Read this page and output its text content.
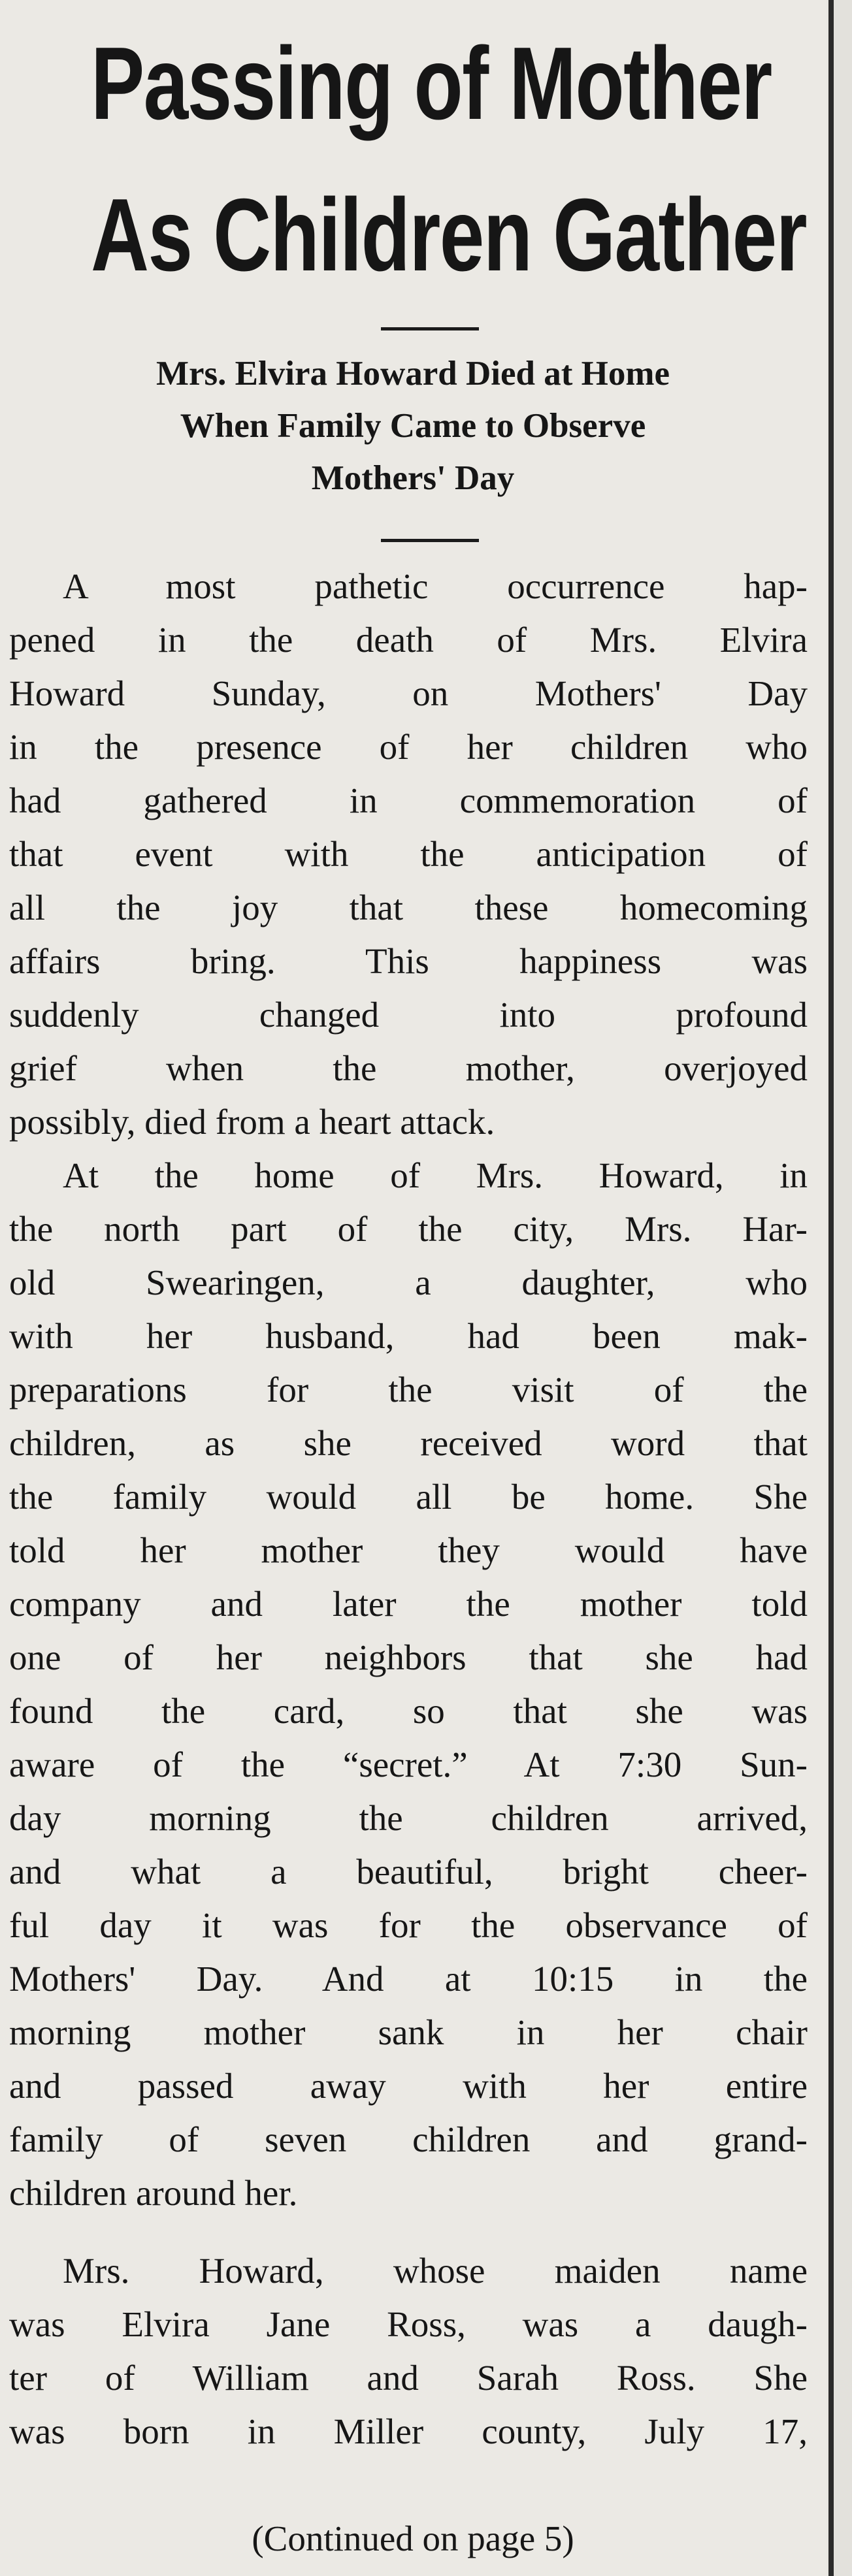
Passing of Mother
As Children Gather
Mrs. Elvira Howard Died at Home
When Family Came to Observe
Mothers' Day
A most pathetic occurrence hap-
pened in the death of Mrs. Elvira
Howard Sunday, on Mothers' Day
in the presence of her children who
had gathered in commemoration of
that event with the anticipation of
all the joy that these homecoming
affairs bring. This happiness was
suddenly changed into profound
grief when the mother, overjoyed
possibly, died from a heart attack.
At the home of Mrs. Howard, in
the north part of the city, Mrs. Har-
old Swearingen, a daughter, who
with her husband, had been mak-
preparations for the visit of the
children, as she received word that
the family would all be home. She
told her mother they would have
company and later the mother told
one of her neighbors that she had
found the card, so that she was
aware of the “secret.” At 7:30 Sun-
day morning the children arrived,
and what a beautiful, bright cheer-
ful day it was for the observance of
Mothers' Day. And at 10:15 in the
morning mother sank in her chair
and passed away with her entire
family of seven children and grand-
children around her.
Mrs. Howard, whose maiden name
was Elvira Jane Ross, was a daugh-
ter of William and Sarah Ross. She
was born in Miller county, July 17,
(Continued on page 5)
